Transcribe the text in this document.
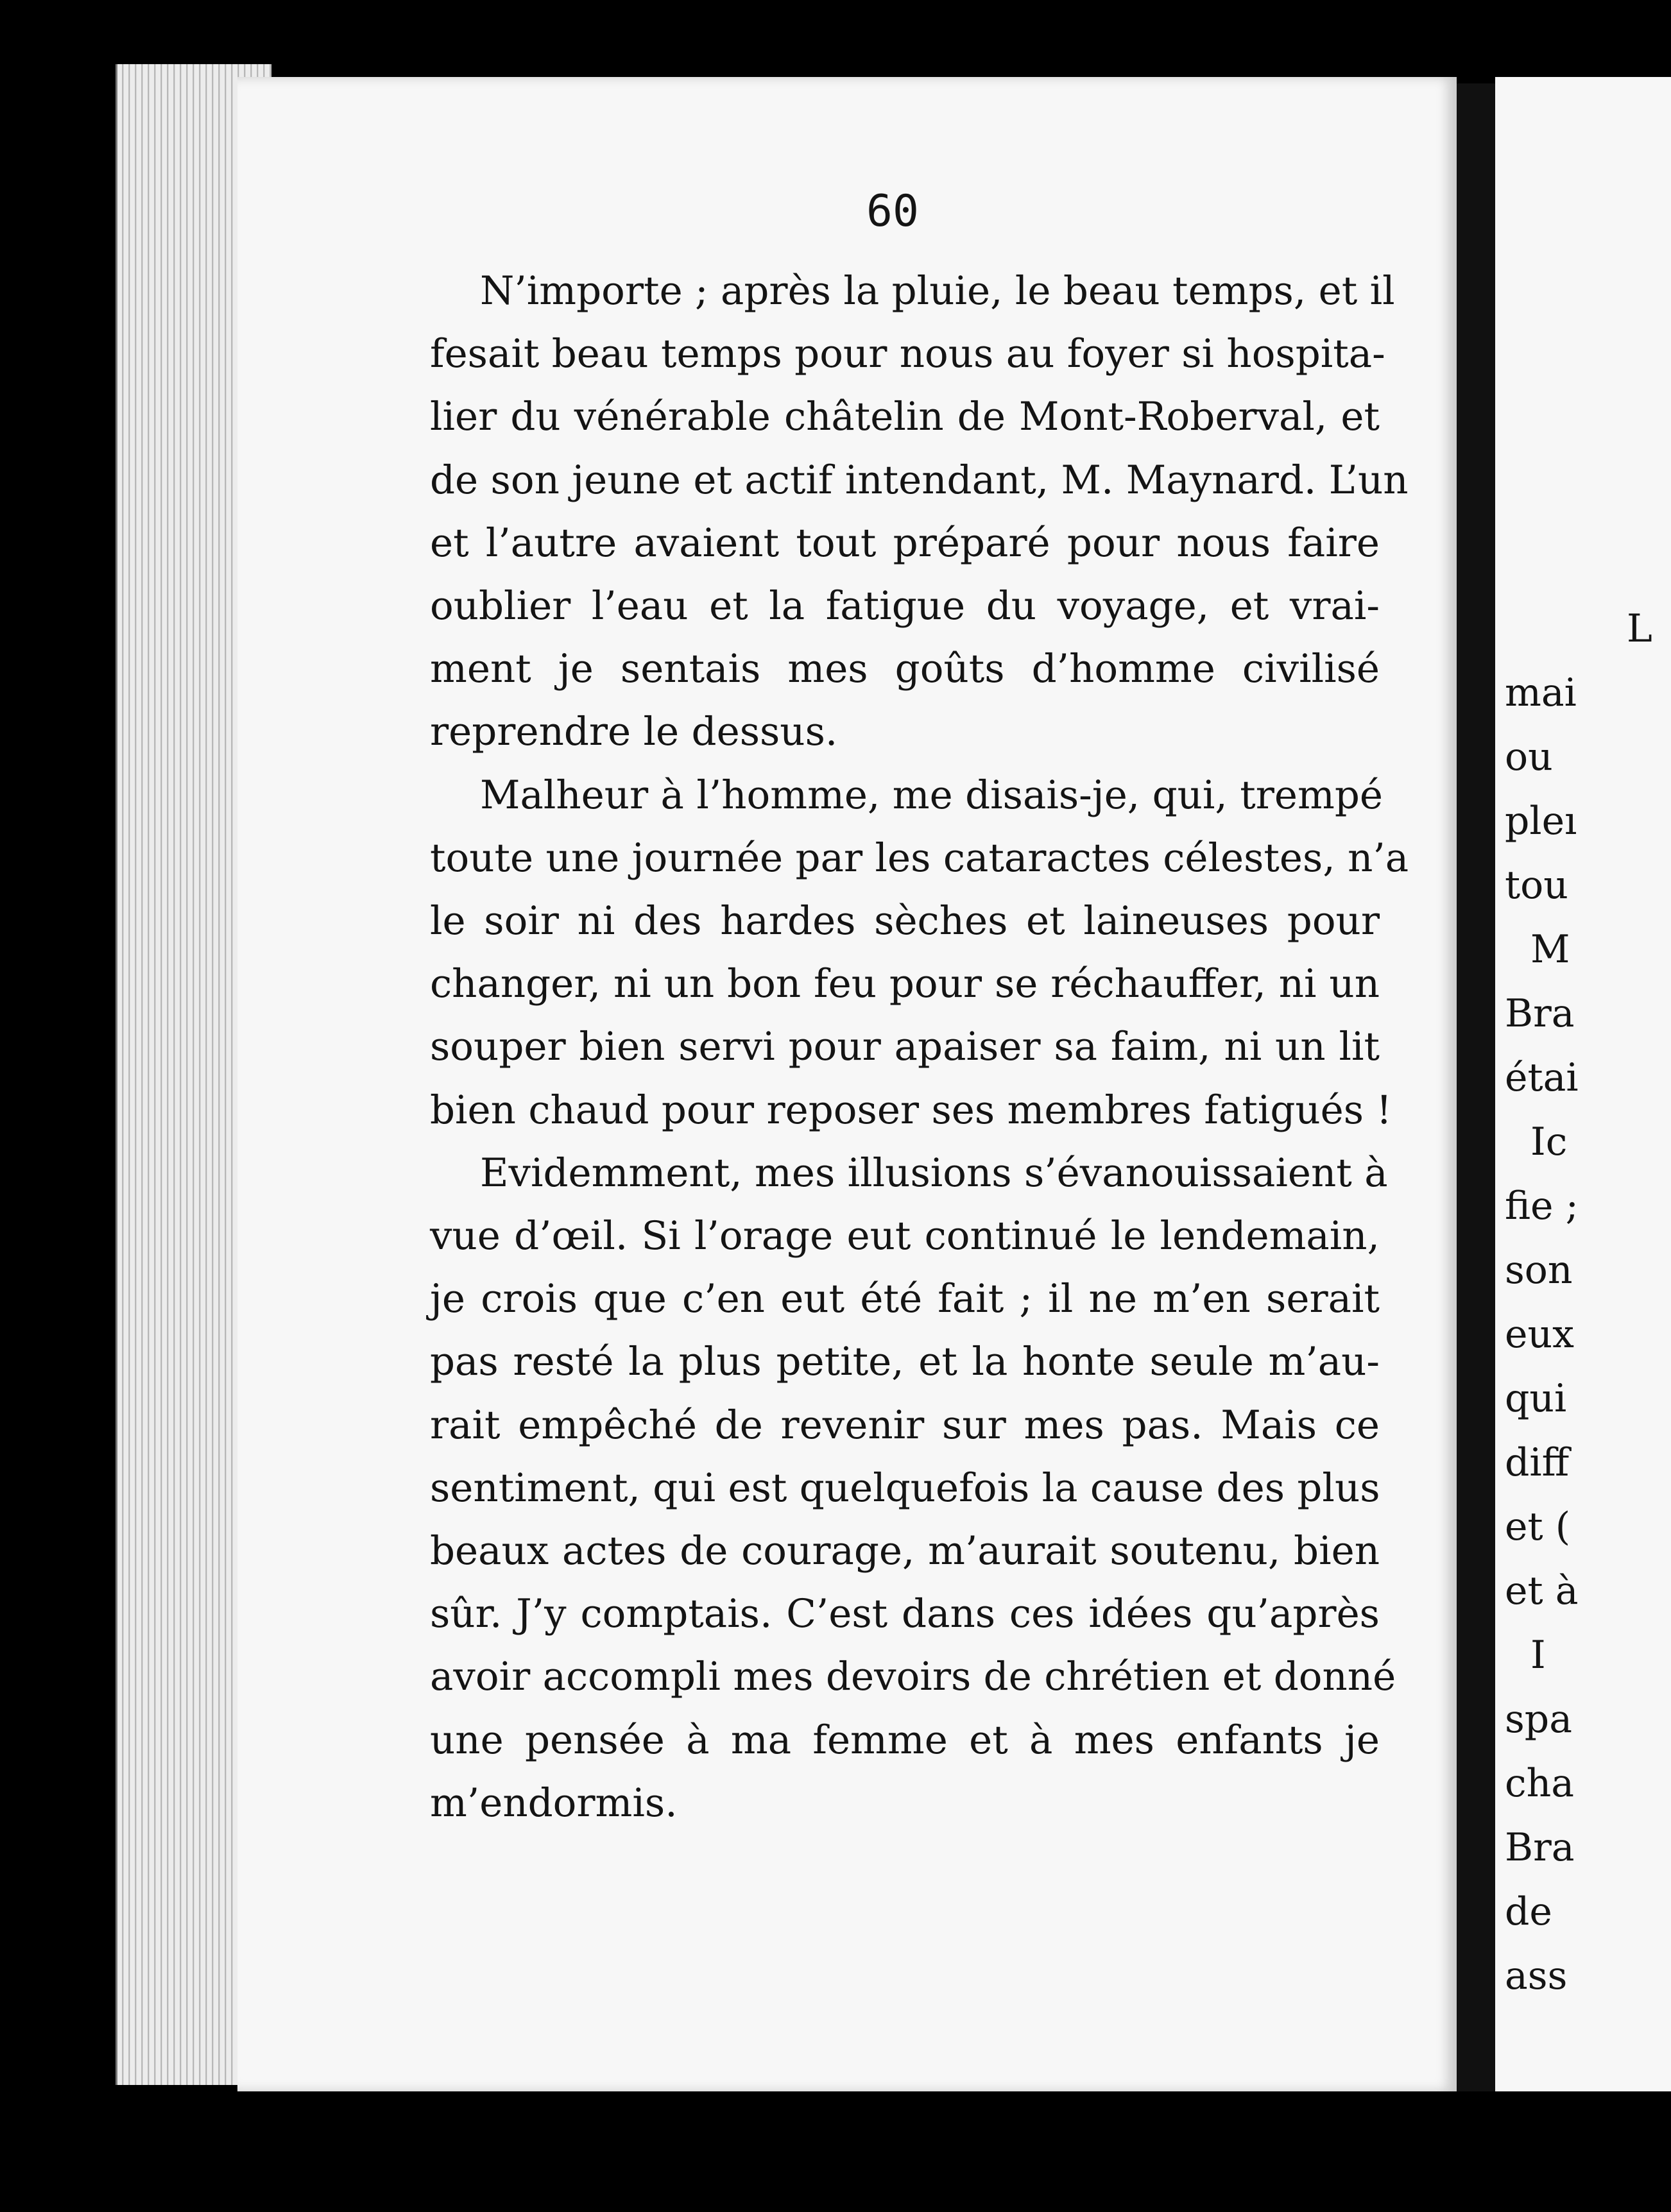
60
N’importe ; après la pluie, le beau temps, et il
fesait beau temps pour nous au foyer si hospita-
lier du vénérable châtelin de Mont-Roberval, et
de son jeune et actif intendant, M. Maynard. L’un
et l’autre avaient tout préparé pour nous faire
oublier l’eau et la fatigue du voyage, et vrai-
ment je sentais mes goûts d’homme civilisé
reprendre le dessus.
Malheur à l’homme, me disais-je, qui, trempé
toute une journée par les cataractes célestes, n’a
le soir ni des hardes sèches et laineuses pour
changer, ni un bon feu pour se réchauffer, ni un
souper bien servi pour apaiser sa faim, ni un lit
bien chaud pour reposer ses membres fatigués !
Evidemment, mes illusions s’évanouissaient à
vue d’œil. Si l’orage eut continué le lendemain,
je crois que c’en eut été fait ; il ne m’en serait
pas resté la plus petite, et la honte seule m’au-
rait empêché de revenir sur mes pas. Mais ce
sentiment, qui est quelquefois la cause des plus
beaux actes de courage, m’aurait soutenu, bien
sûr. J’y comptais. C’est dans ces idées qu’après
avoir accompli mes devoirs de chrétien et donné
une pensée à ma femme et à mes enfants je
m’endormis.
L
mai
ou
pleı
tou
M
Bra
étai
Ic
fie ;
son
eux
qui
diff
et (
et à
I
spa
cha
Bra
de
ass
